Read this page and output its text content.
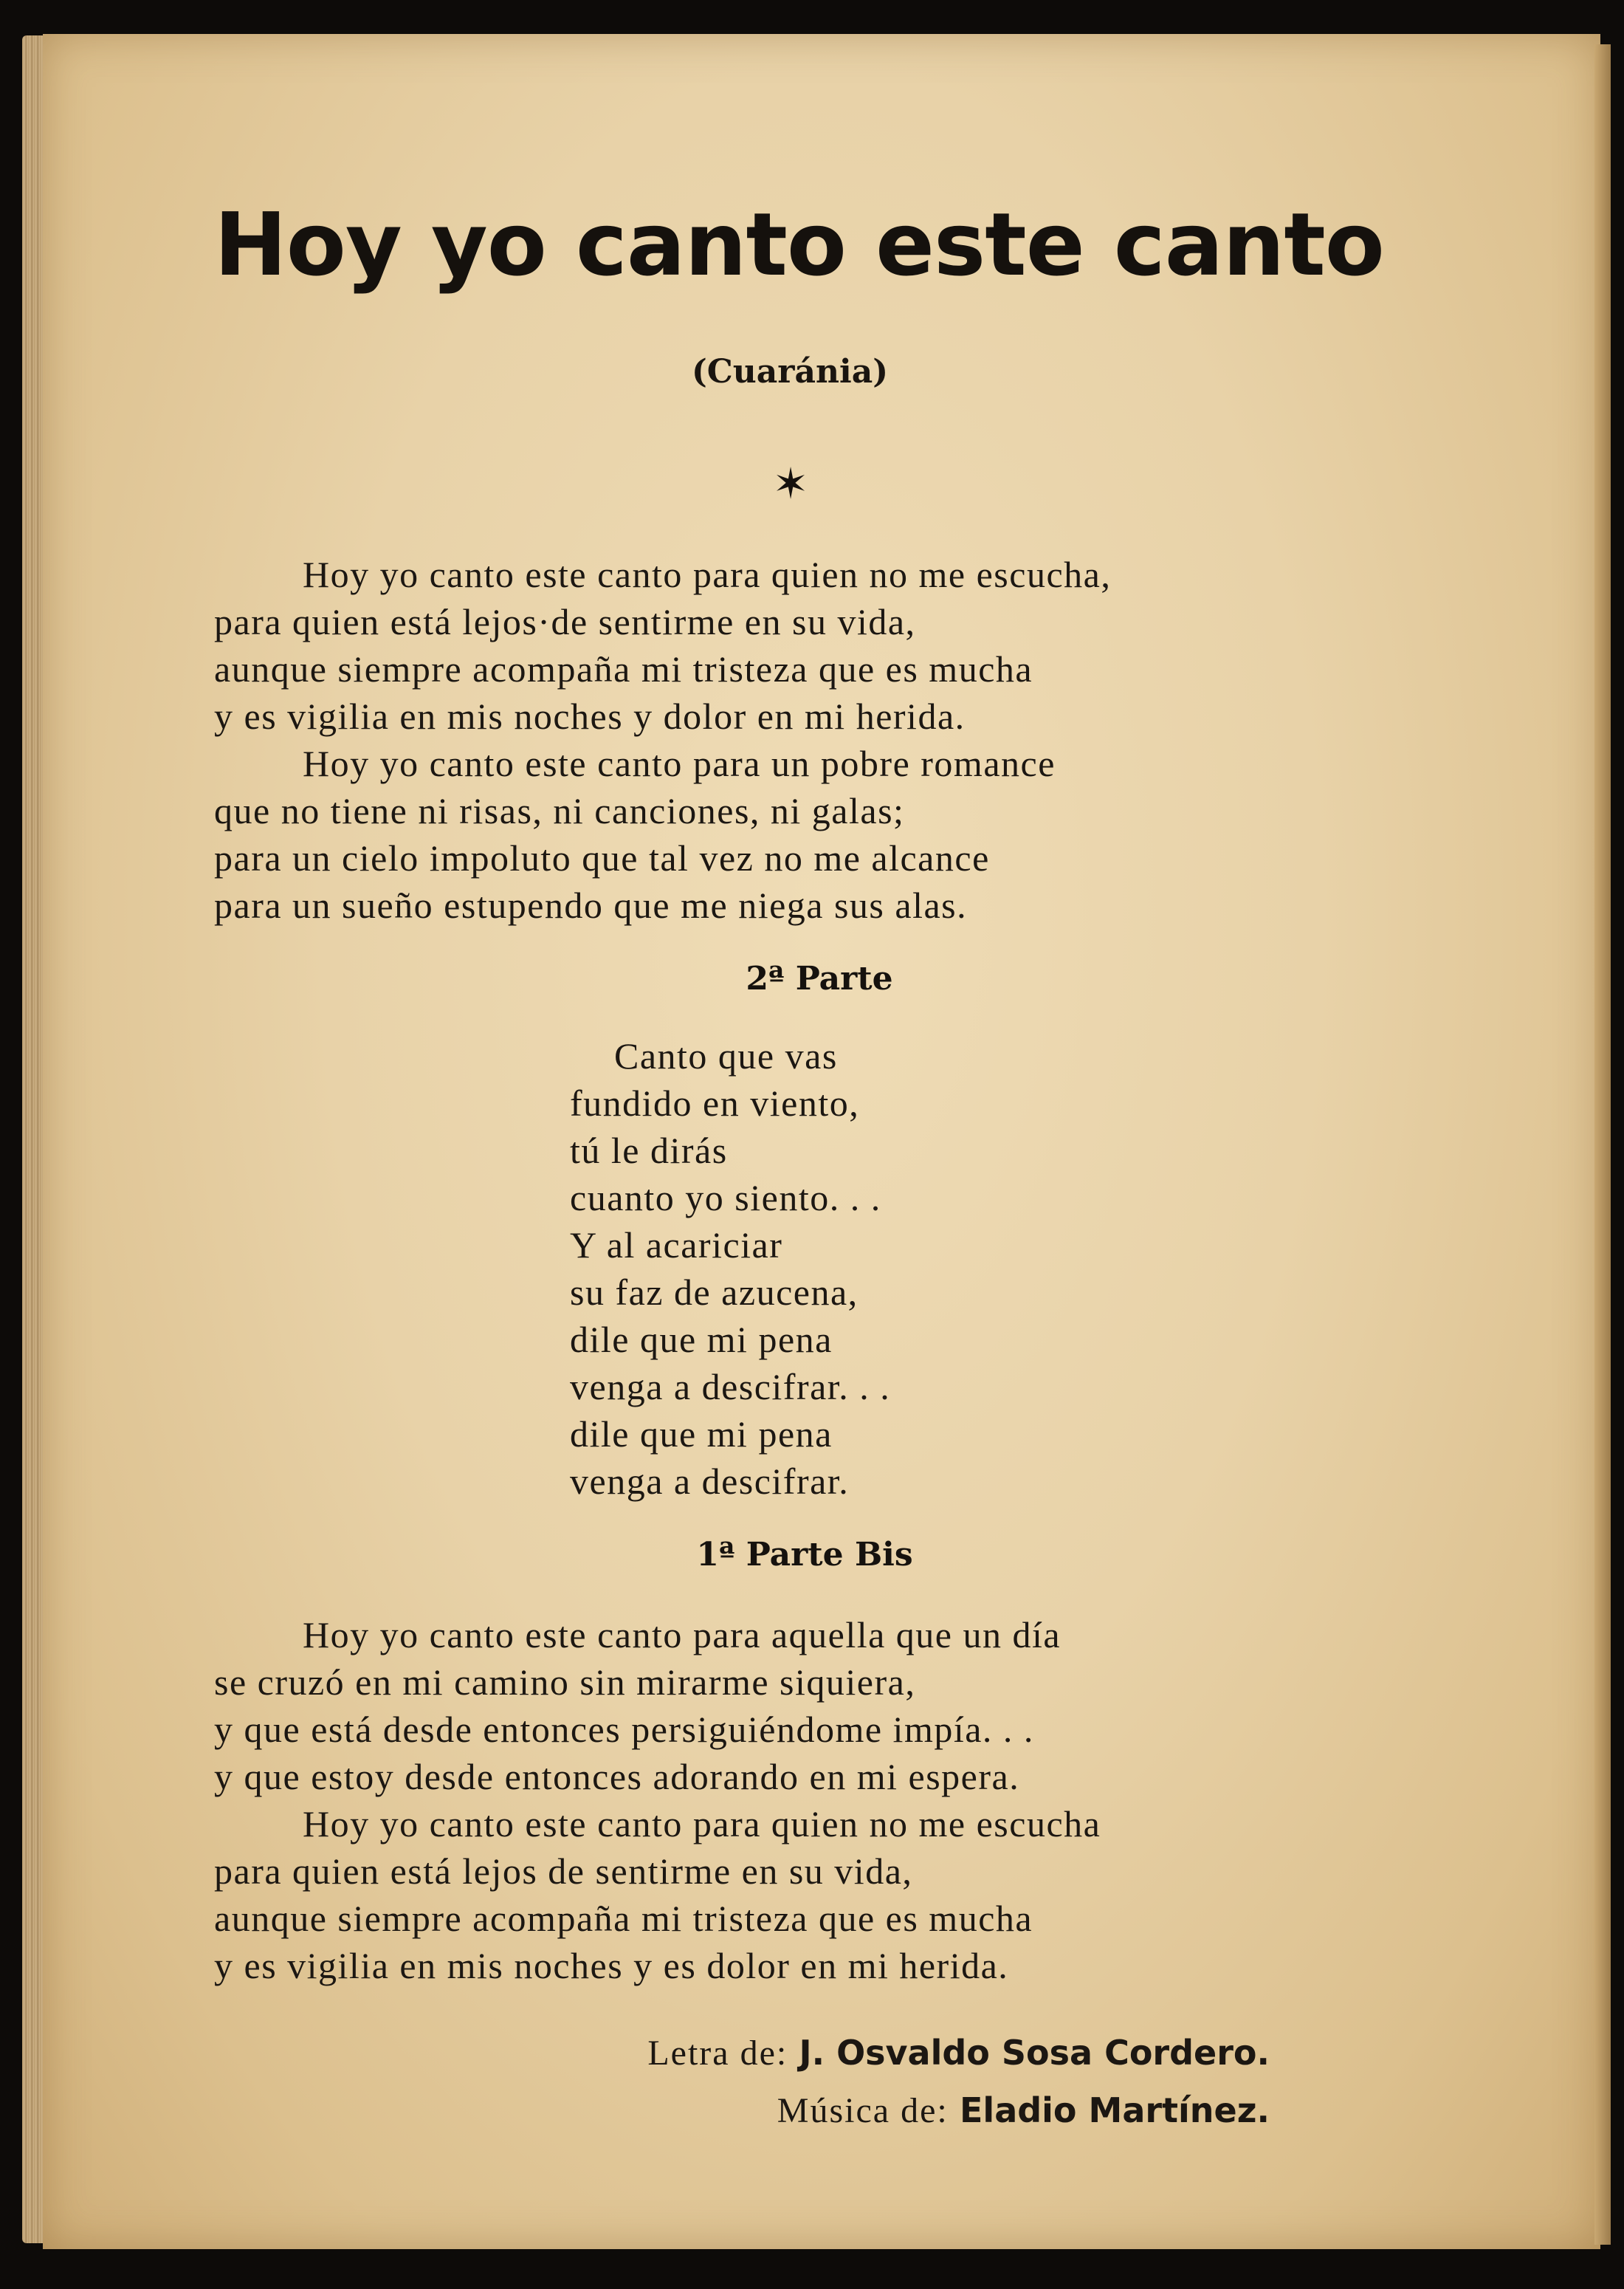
Hoy yo canto este canto
(Cuaránia)
✶
Hoy yo canto este canto para quien no me escucha,
para quien está lejos·de sentirme en su vida,
aunque siempre acompaña mi tristeza que es mucha
y es vigilia en mis noches y dolor en mi herida.
Hoy yo canto este canto para un pobre romance
que no tiene ni risas, ni canciones, ni galas;
para un cielo impoluto que tal vez no me alcance
para un sueño estupendo que me niega sus alas.
2ª Parte
Canto que vas
fundido en viento,
tú le dirás
cuanto yo siento. . .
Y al acariciar
su faz de azucena,
dile que mi pena
venga a descifrar. . .
dile que mi pena
venga a descifrar.
1ª Parte Bis
Hoy yo canto este canto para aquella que un día
se cruzó en mi camino sin mirarme siquiera,
y que está desde entonces persiguiéndome impía. . .
y que estoy desde entonces adorando en mi espera.
Hoy yo canto este canto para quien no me escucha
para quien está lejos de sentirme en su vida,
aunque siempre acompaña mi tristeza que es mucha
y es vigilia en mis noches y es dolor en mi herida.
Letra de: J. Osvaldo Sosa Cordero.
Música de: Eladio Martínez.
